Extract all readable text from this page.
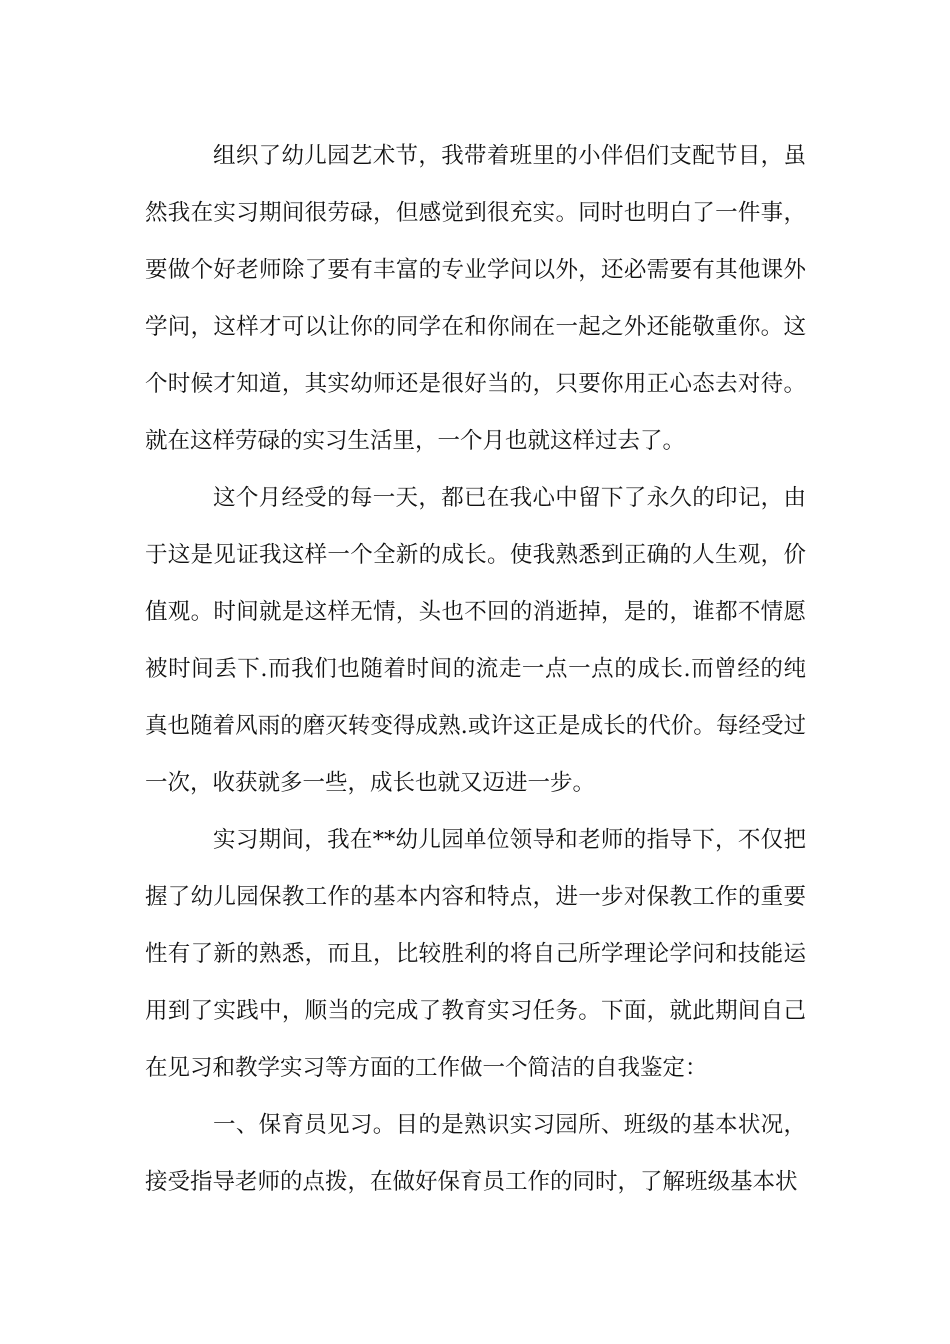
组织了幼儿园艺术节，我带着班里的小伴侣们支配节目，虽然我在实习期间很劳碌，但感觉到很充实。同时也明白了一件事，要做个好老师除了要有丰富的专业学问以外，还必需要有其他课外学问，这样才可以让你的同学在和你闹在一起之外还能敬重你。这个时候才知道，其实幼师还是很好当的，只要你用正心态去对待。就在这样劳碌的实习生活里，一个月也就这样过去了。

这个月经受的每一天，都已在我心中留下了永久的印记，由于这是见证我这样一个全新的成长。使我熟悉到正确的人生观，价值观。时间就是这样无情，头也不回的消逝掉，是的，谁都不情愿被时间丢下.而我们也随着时间的流走一点一点的成长.而曾经的纯真也随着风雨的磨灭转变得成熟.或许这正是成长的代价。每经受过一次，收获就多一些，成长也就又迈进一步。

实习期间，我在**幼儿园单位领导和老师的指导下，不仅把握了幼儿园保教工作的基本内容和特点，进一步对保教工作的重要性有了新的熟悉，而且，比较胜利的将自己所学理论学问和技能运用到了实践中，顺当的完成了教育实习任务。下面，就此期间自己在见习和教学实习等方面的工作做一个简洁的自我鉴定：

一、保育员见习。目的是熟识实习园所、班级的基本状况，接受指导老师的点拨，在做好保育员工作的同时，了解班级基本状
